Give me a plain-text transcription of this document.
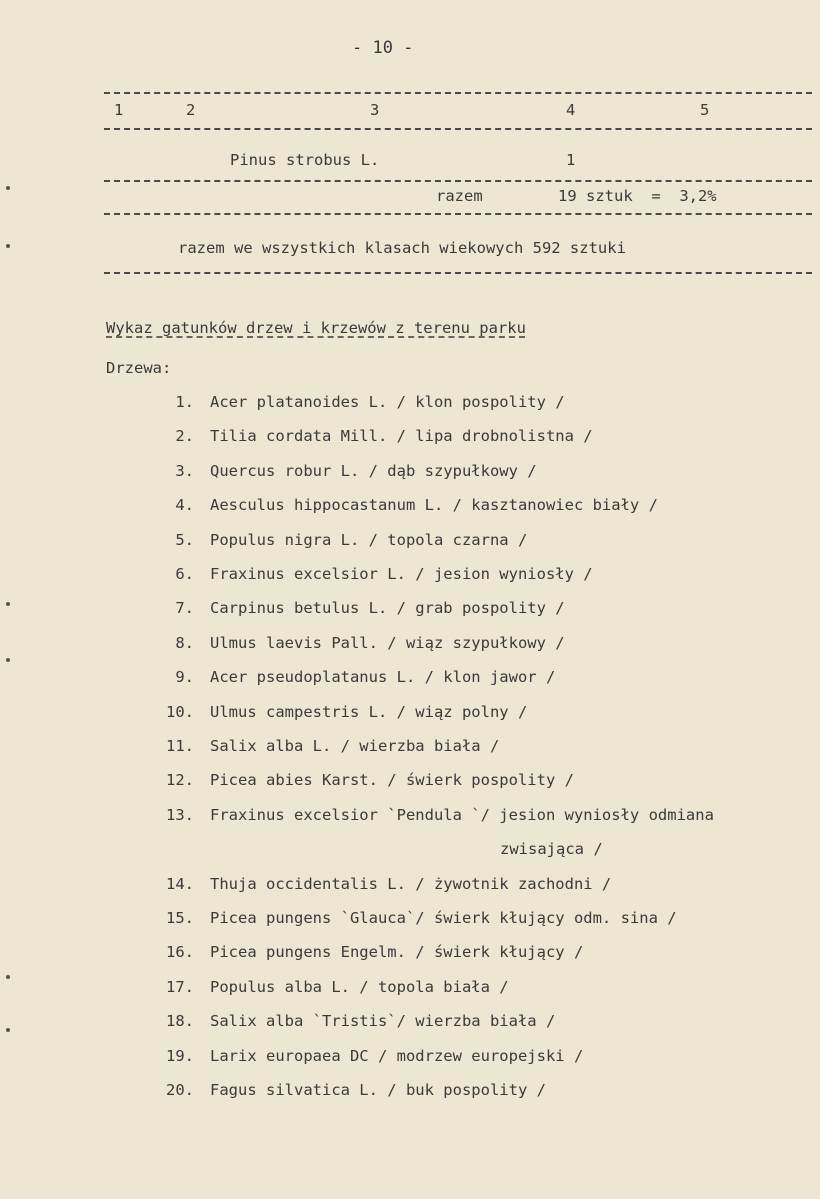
- 10 -
1	2	3	4	5
Pinus strobus L.	1
razem	19 sztuk  =  3,2%
razem we wszystkich klasach wiekowych 592 sztuki
Wykaz gatunków drzew i krzewów z terenu parku
Drzewa:
1. Acer platanoides L. / klon pospolity /
2. Tilia cordata Mill. / lipa drobnolistna /
3. Quercus robur L. / dąb szypułkowy /
4. Aesculus hippocastanum L. / kasztanowiec biały /
5. Populus nigra L. / topola czarna /
6. Fraxinus excelsior L. / jesion wyniosły /
7. Carpinus betulus L. / grab pospolity /
8. Ulmus laevis Pall. / wiąz szypułkowy /
9. Acer pseudoplatanus L. / klon jawor /
10. Ulmus campestris L. / wiąz polny /
11. Salix alba L. / wierzba biała /
12. Picea abies Karst. / świerk pospolity /
13. Fraxinus excelsior `Pendula `/ jesion wyniosły odmiana
zwisająca /
14. Thuja occidentalis L. / żywotnik zachodni /
15. Picea pungens `Glauca`/ świerk kłujący odm. sina /
16. Picea pungens Engelm. / świerk kłujący /
17. Populus alba L. / topola biała /
18. Salix alba `Tristis`/ wierzba biała /
19. Larix europaea DC / modrzew europejski /
20. Fagus silvatica L. / buk pospolity /
